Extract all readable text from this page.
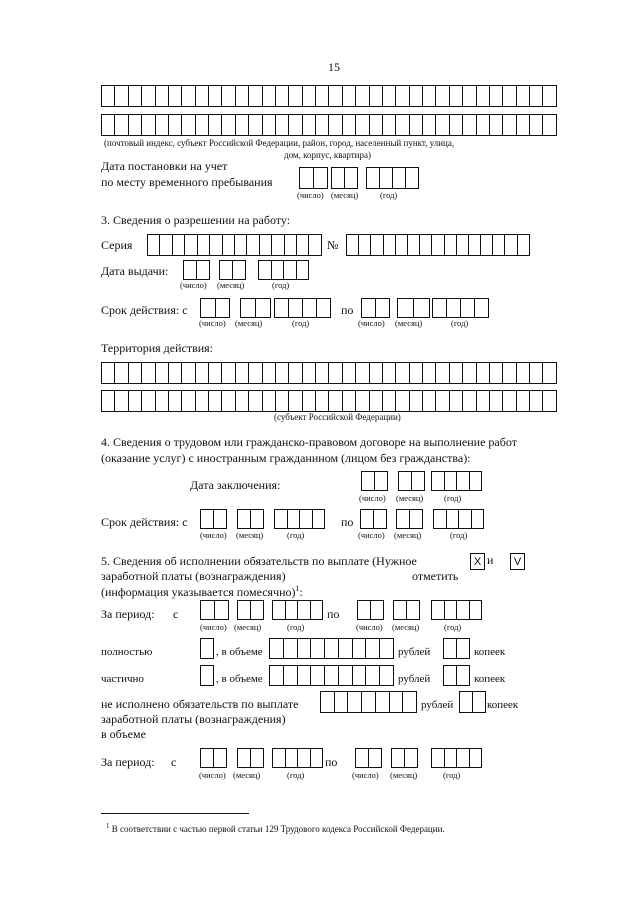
15
(почтовый индекс, субъект Российской Федерации, район, город, населенный пункт, улица,
дом, корпус, квартира)
Дата постановки на учет
по месту временного пребывания
(число) (месяц)	(год)
3. Сведения о разрешении на работу:
Серия	№
Дата выдачи:
(число) (месяц)	(год)
Срок действия: с	по
(число) (месяц)	(год)	(число) (месяц)	(год)
Территория действия:
(субъект Российской Федерации)
4. Сведения о трудовом или гражданско-правовом договоре на выполнение работ
(оказание услуг) с иностранным гражданином (лицом без гражданства):
Дата заключения:
(число) (месяц) (год)
Срок действия: с	по
(число) (месяц)	(год)	(число) (месяц)	(год)
5. Сведения об исполнении обязательств по выплате (Нужное
заработной платы (вознаграждения)
(информация указывается помесячно)$^1$:
X и	V
отметить
За период: с	по
(число) (месяц)	(год)	(число) (месяц)	(год)
полностью	, в объеме	рублей	копеек
частично	, в объеме	рублей	копеек
не исполнено обязательств по выплате
заработной платы (вознаграждения)
в объеме
рублей	копеек
За период: с	по
(число) (месяц)	(год)	(число) (месяц)	(год)
$^1$ В соответствии с частью первой статьи 129 Трудового кодекса Российской Федерации.
